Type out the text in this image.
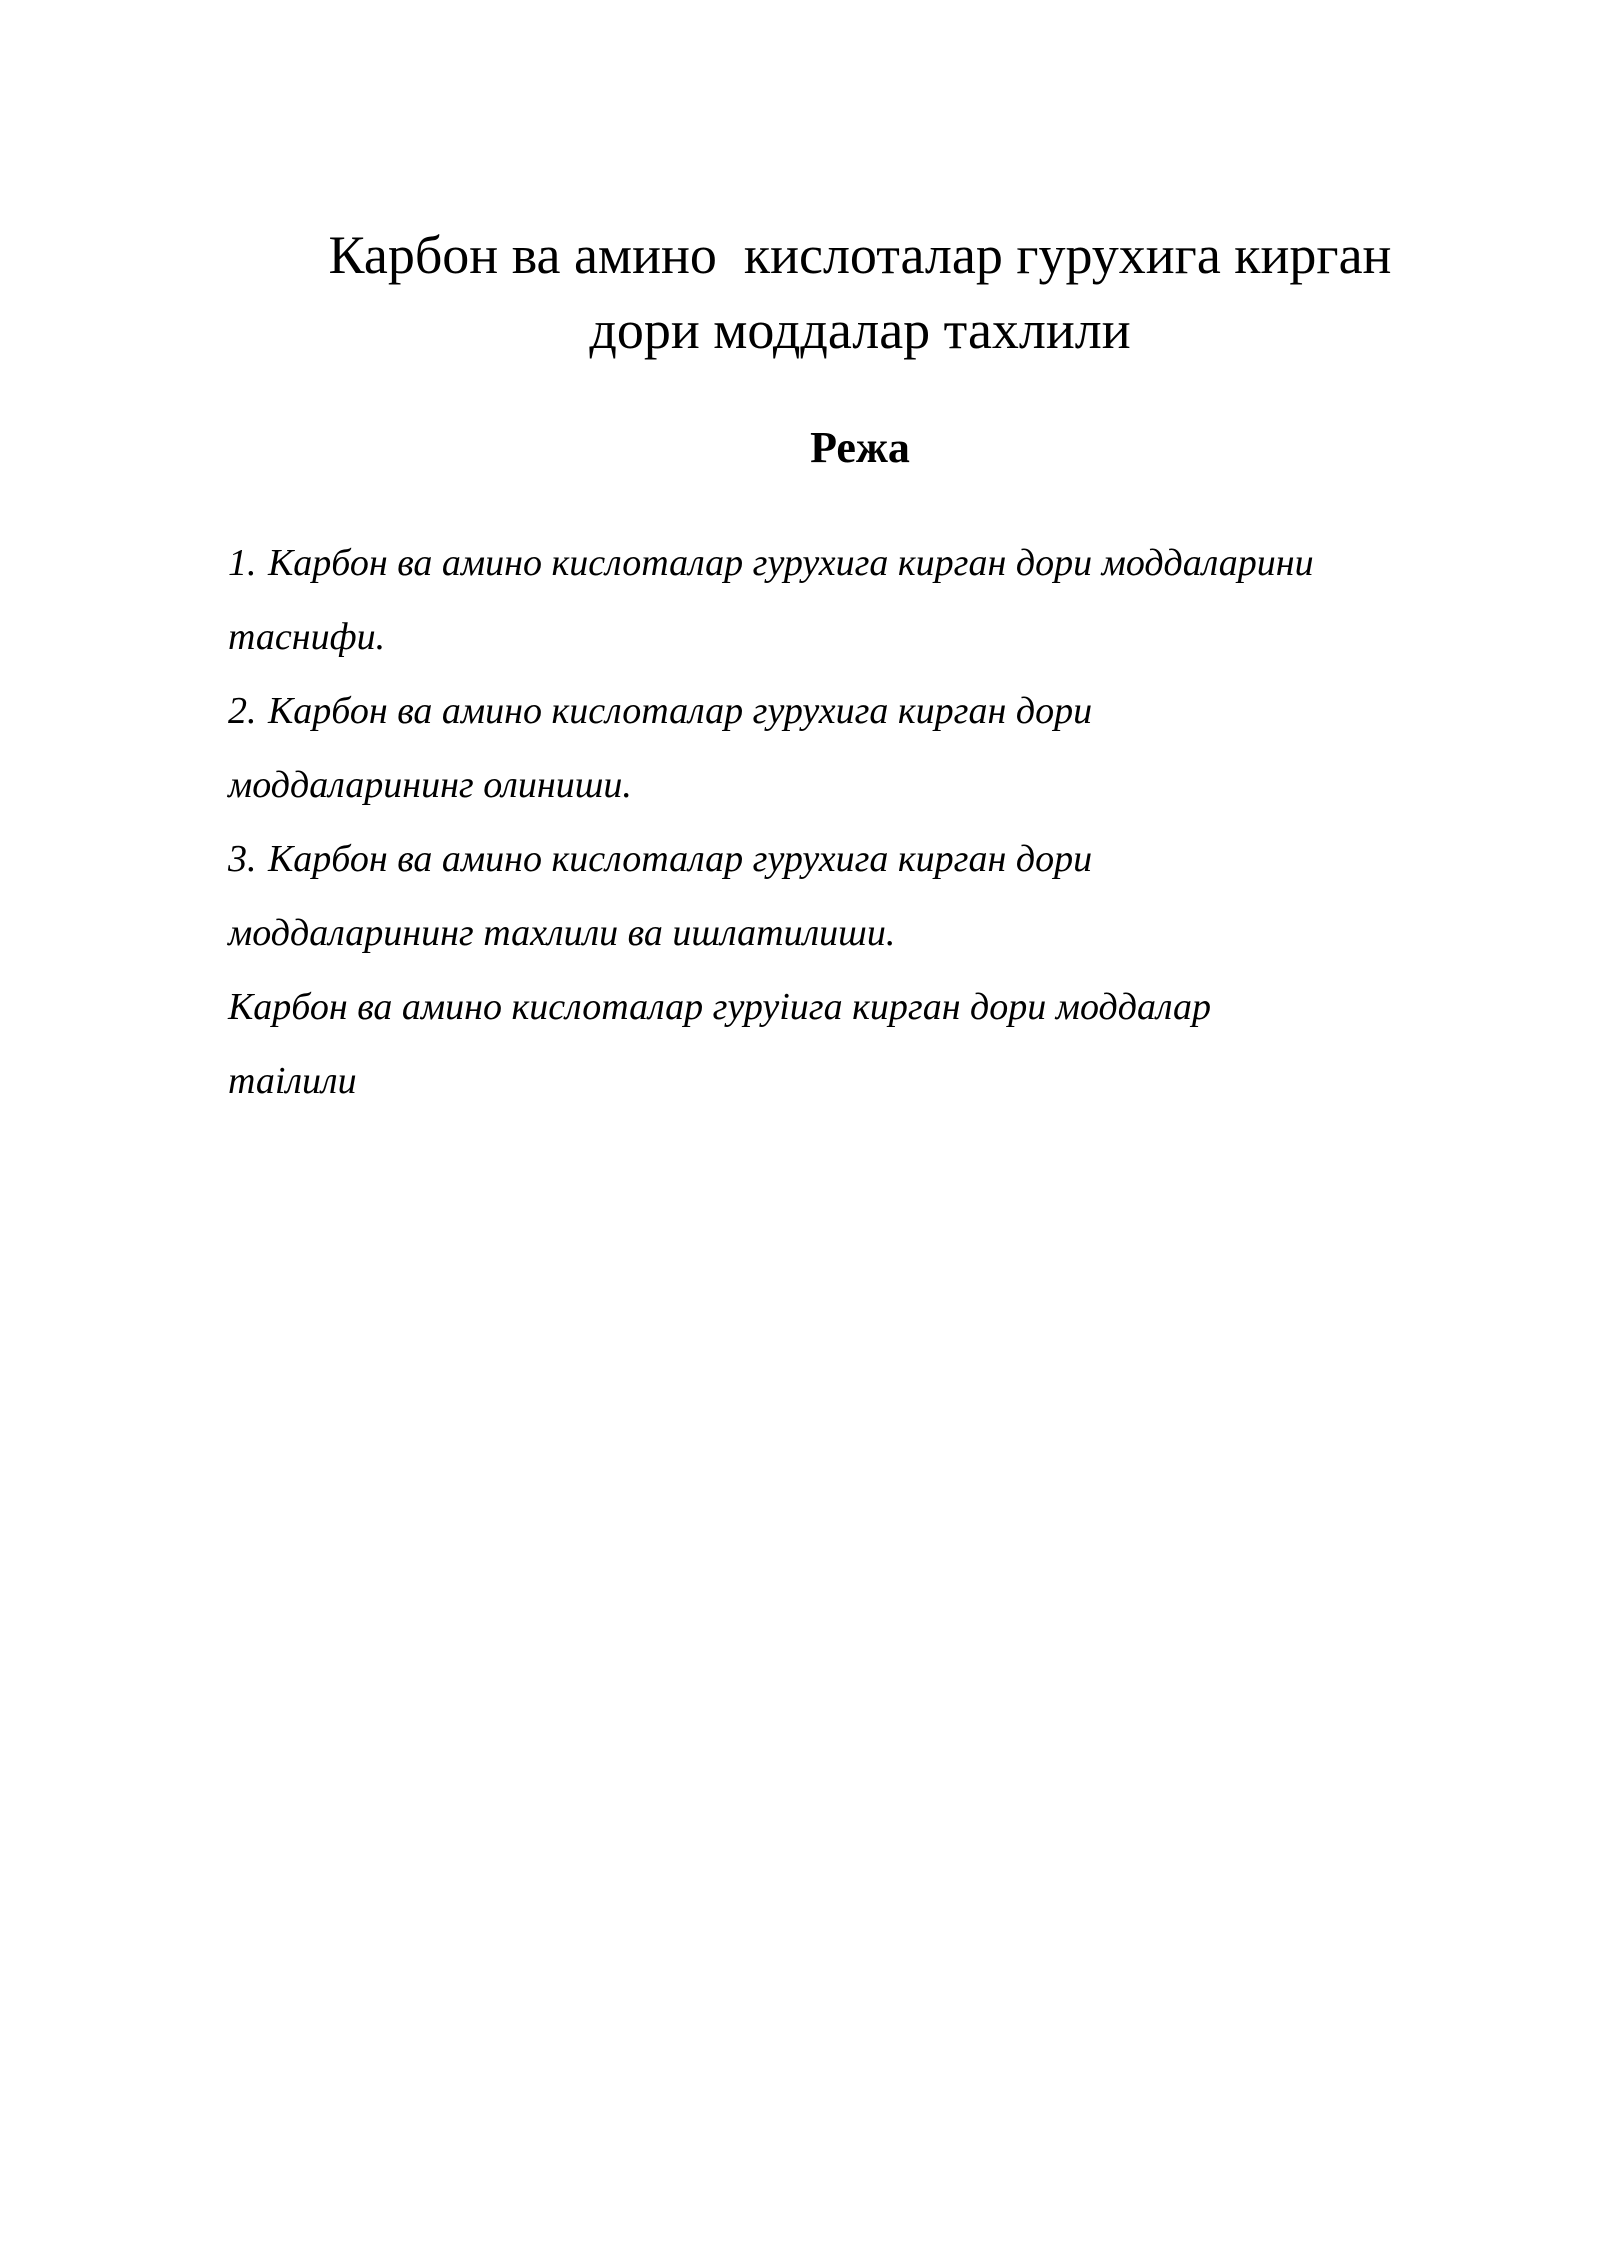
Карбон ва амино  кислоталар гурухига кирган
дори моддалар тахлили
Режа
1. Карбон ва амино кислоталар гурухига кирган дори моддаларини
таснифи.
2. Карбон ва амино кислоталар гурухига кирган дори
моддаларининг олиниши.
3. Карбон ва амино кислоталар гурухига кирган дори
моддаларининг тахлили ва ишлатилиши.
Карбон ва амино кислоталар гуруiига кирган дори моддалар
таiлили
